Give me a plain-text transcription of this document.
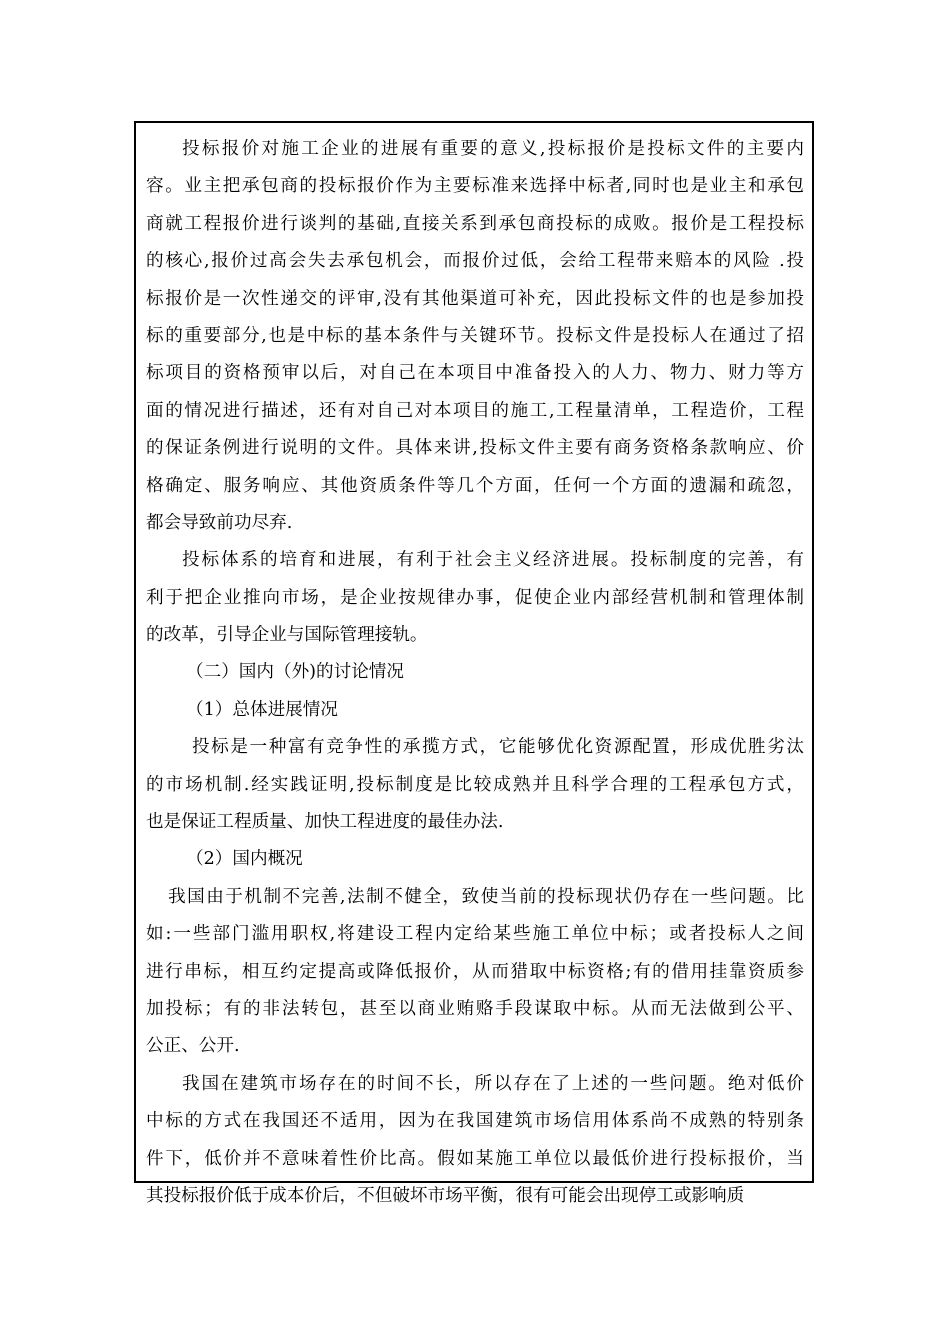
投标报价对施工企业的进展有重要的意义,投标报价是投标文件的主要内
容。业主把承包商的投标报价作为主要标准来选择中标者,同时也是业主和承包
商就工程报价进行谈判的基础,直接关系到承包商投标的成败。报价是工程投标
的核心,报价过高会失去承包机会，而报价过低，会给工程带来赔本的风险 .投
标报价是一次性递交的评审,没有其他渠道可补充，因此投标文件的也是参加投
标的重要部分,也是中标的基本条件与关键环节。投标文件是投标人在通过了招
标项目的资格预审以后，对自己在本项目中准备投入的人力、物力、财力等方
面的情况进行描述，还有对自己对本项目的施工,工程量清单，工程造价，工程
的保证条例进行说明的文件。具体来讲,投标文件主要有商务资格条款响应、价
格确定、服务响应、其他资质条件等几个方面，任何一个方面的遗漏和疏忽，
都会导致前功尽弃.
投标体系的培育和进展，有利于社会主义经济进展。投标制度的完善，有
利于把企业推向市场，是企业按规律办事，促使企业内部经营机制和管理体制
的改革，引导企业与国际管理接轨。
（二）国内（外)的讨论情况
（1）总体进展情况
投标是一种富有竞争性的承揽方式，它能够优化资源配置，形成优胜劣汰
的市场机制.经实践证明,投标制度是比较成熟并且科学合理的工程承包方式，
也是保证工程质量、加快工程进度的最佳办法.
（2）国内概况
我国由于机制不完善,法制不健全，致使当前的投标现状仍存在一些问题。比
如:一些部门滥用职权,将建设工程内定给某些施工单位中标；或者投标人之间
进行串标，相互约定提高或降低报价，从而猎取中标资格;有的借用挂靠资质参
加投标；有的非法转包，甚至以商业贿赂手段谋取中标。从而无法做到公平、
公正、公开.
我国在建筑市场存在的时间不长，所以存在了上述的一些问题。绝对低价
中标的方式在我国还不适用，因为在我国建筑市场信用体系尚不成熟的特别条
件下，低价并不意味着性价比高。假如某施工单位以最低价进行投标报价，当
其投标报价低于成本价后，不但破坏市场平衡，很有可能会出现停工或影响质
